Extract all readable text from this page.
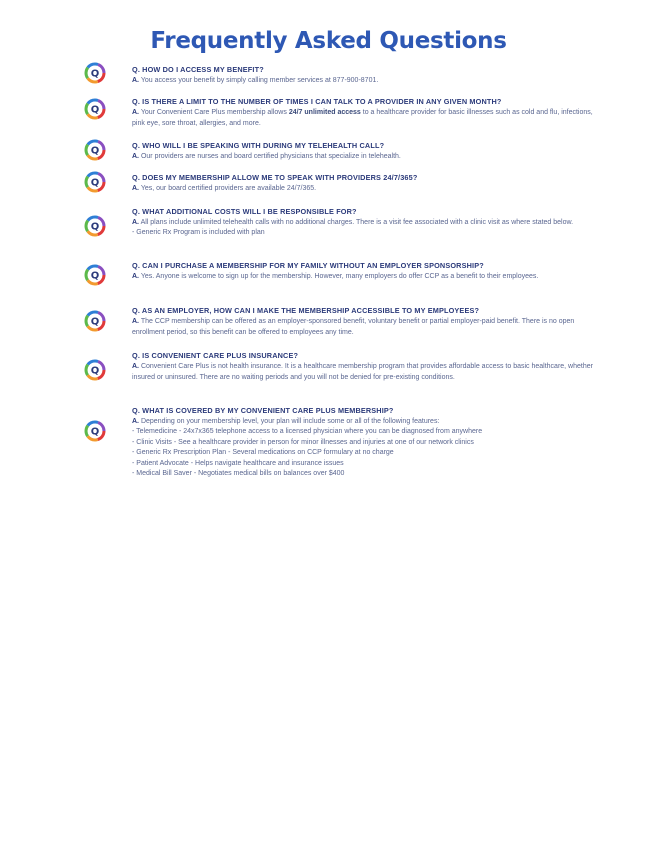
Frequently Asked Questions
Q	Q. HOW DO I ACCESS MY BENEFIT?
A. You access your benefit by simply calling member services at 877-900-8701.
Q
Q. IS THERE A LIMIT TO THE NUMBER OF TIMES I CAN TALK TO A PROVIDER IN ANY GIVEN MONTH?
A. Your Convenient Care Plus membership allows 24/7 unlimited access to a healthcare provider for basic illnesses such as cold and flu, infections, pink eye, sore throat, allergies, and more.
Q	Q. WHO WILL I BE SPEAKING WITH DURING MY TELEHEALTH CALL?
A. Our providers are nurses and board certified physicians that specialize in telehealth.
Q	Q. DOES MY MEMBERSHIP ALLOW ME TO SPEAK WITH PROVIDERS 24/7/365?
A. Yes, our board certified providers are available 24/7/365.
Q
Q. WHAT ADDITIONAL COSTS WILL I BE RESPONSIBLE FOR?
A. All plans include unlimited telehealth calls with no additional charges. There is a visit fee associated with a clinic visit as where stated below.
- Generic Rx Program is included with plan
Q
Q. CAN I PURCHASE A MEMBERSHIP FOR MY FAMILY WITHOUT AN EMPLOYER SPONSORSHIP?
A. Yes. Anyone is welcome to sign up for the membership. However, many employers do offer CCP as a benefit to their employees.
Q
Q. AS AN EMPLOYER, HOW CAN I MAKE THE MEMBERSHIP ACCESSIBLE TO MY EMPLOYEES?
A. The CCP membership can be offered as an employer-sponsored benefit, voluntary benefit or partial employer-paid benefit. There is no open enrollment period, so this benefit can be offered to employees any time.
Q
Q. IS CONVENIENT CARE PLUS INSURANCE?
A. Convenient Care Plus is not health insurance. It is a healthcare membership program that provides affordable access to basic healthcare, whether insured or uninsured. There are no waiting periods and you will not be denied for pre-existing conditions.
Q
Q. WHAT IS COVERED BY MY CONVENIENT CARE PLUS MEMBERSHIP?
A. Depending on your membership level, your plan will include some or all of the following features:
- Telemedicine - 24x7x365 telephone access to a licensed physician where you can be diagnosed from anywhere
- Clinic Visits - See a healthcare provider in person for minor illnesses and injuries at one of our network clinics
- Generic Rx Prescription Plan - Several medications on CCP formulary at no charge
- Patient Advocate - Helps navigate healthcare and insurance issues
- Medical Bill Saver - Negotiates medical bills on balances over $400
